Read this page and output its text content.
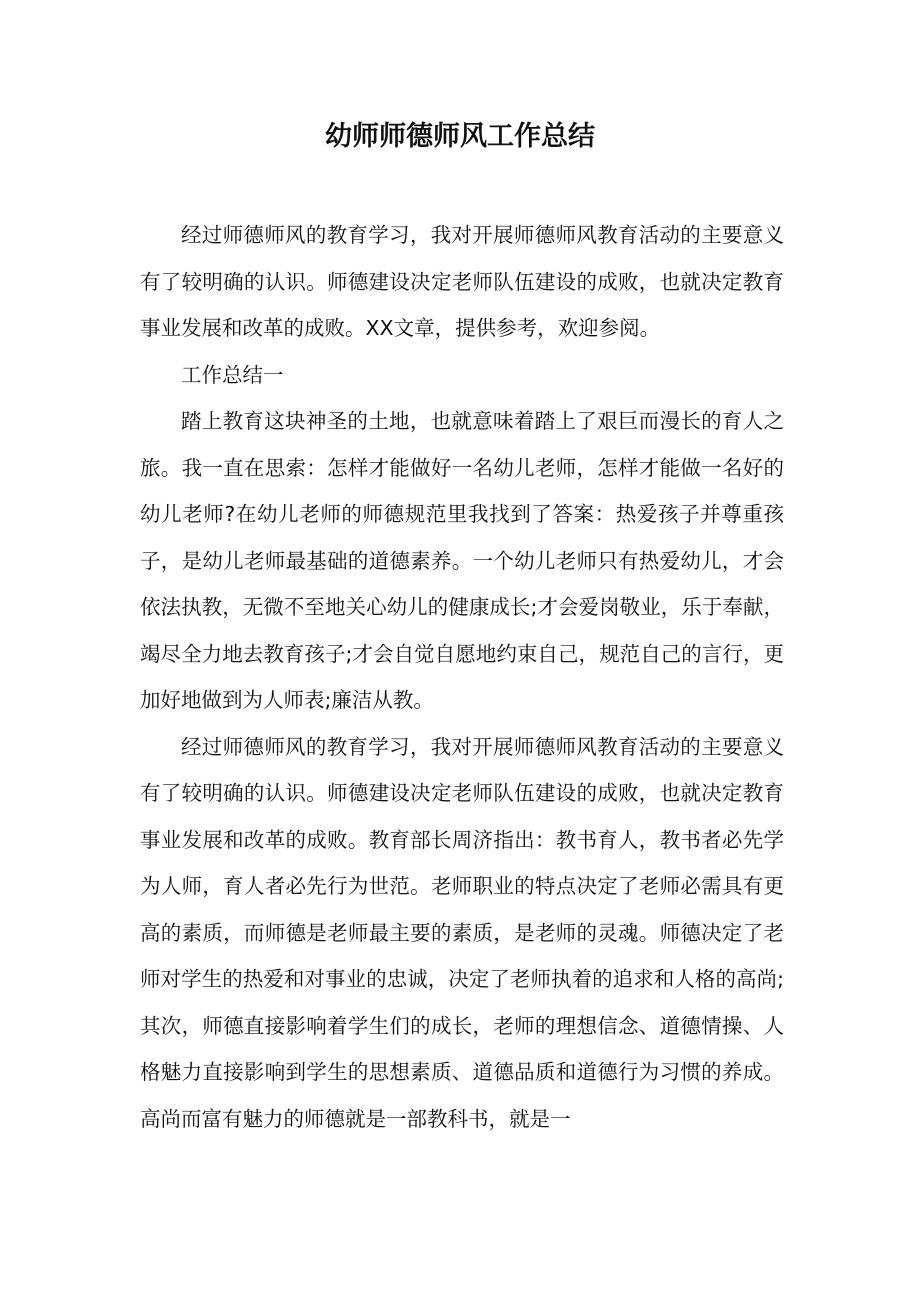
幼师师德师风工作总结

经过师德师风的教育学习，我对开展师德师风教育活动的主要意义有了较明确的认识。师德建设决定老师队伍建设的成败，也就决定教育事业发展和改革的成败。XX文章，提供参考，欢迎参阅。

工作总结一

踏上教育这块神圣的土地，也就意味着踏上了艰巨而漫长的育人之旅。我一直在思索：怎样才能做好一名幼儿老师，怎样才能做一名好的幼儿老师?在幼儿老师的师德规范里我找到了答案：热爱孩子并尊重孩子，是幼儿老师最基础的道德素养。一个幼儿老师只有热爱幼儿，才会依法执教，无微不至地关心幼儿的健康成长;才会爱岗敬业，乐于奉献，竭尽全力地去教育孩子;才会自觉自愿地约束自己，规范自己的言行，更加好地做到为人师表;廉洁从教。

经过师德师风的教育学习，我对开展师德师风教育活动的主要意义有了较明确的认识。师德建设决定老师队伍建设的成败，也就决定教育事业发展和改革的成败。教育部长周济指出：教书育人，教书者必先学为人师，育人者必先行为世范。老师职业的特点决定了老师必需具有更高的素质，而师德是老师最主要的素质，是老师的灵魂。师德决定了老师对学生的热爱和对事业的忠诚，决定了老师执着的追求和人格的高尚;其次，师德直接影响着学生们的成长，老师的理想信念、道德情操、人格魅力直接影响到学生的思想素质、道德品质和道德行为习惯的养成。高尚而富有魅力的师德就是一部教科书，就是一
